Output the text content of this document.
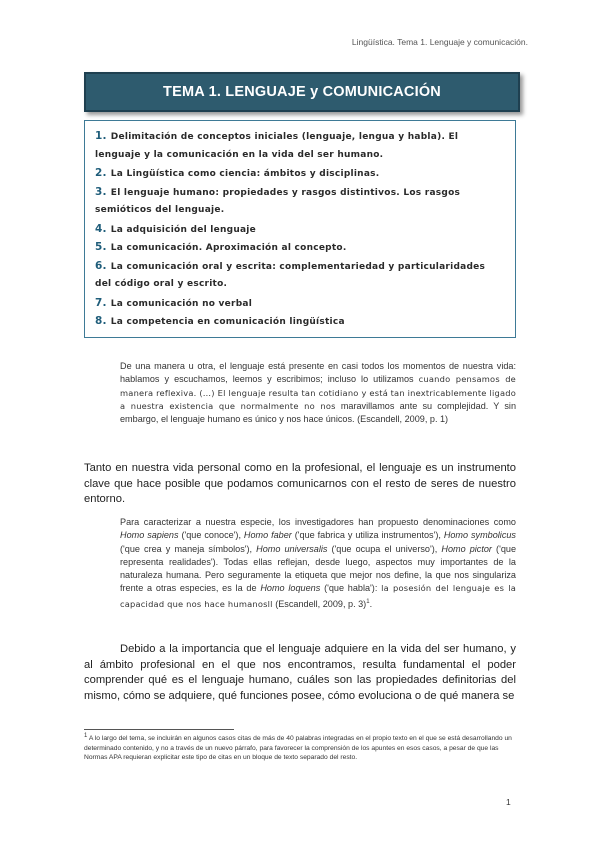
Lingüística. Tema 1. Lenguaje y comunicación.
TEMA 1. LENGUAJE y COMUNICACIÓN
1. Delimitación de conceptos iniciales (lenguaje, lengua y habla). El
lenguaje y la comunicación en la vida del ser humano.
2. La Lingüística como ciencia: ámbitos y disciplinas.
3. El lenguaje humano: propiedades y rasgos distintivos. Los rasgos
semióticos del lenguaje.
4. La adquisición del lenguaje
5. La comunicación. Aproximación al concepto.
6. La comunicación oral y escrita: complementariedad y particularidades
del código oral y escrito.
7. La comunicación no verbal
8. La competencia en comunicación lingüística
De una manera u otra, el lenguaje está presente en casi todos los momentos de nuestra vida: hablamos y escuchamos, leemos y escribimos; incluso lo utilizamos cuando pensamos de manera reflexiva. (…) El lenguaje resulta tan cotidiano y está tan inextricablemente ligado a nuestra existencia que normalmente no nos maravillamos ante su complejidad. Y sin embargo, el lenguaje humano es único y nos hace únicos. (Escandell, 2009, p. 1)
Tanto en nuestra vida personal como en la profesional, el lenguaje es un instrumento clave que hace posible que podamos comunicarnos con el resto de seres de nuestro entorno.
Para caracterizar a nuestra especie, los investigadores han propuesto denominaciones como Homo sapiens ('que conoce'), Homo faber ('que fabrica y utiliza instrumentos'), Homo symbolicus ('que crea y maneja símbolos'), Homo universalis ('que ocupa el universo'), Homo pictor ('que representa realidades'). Todas ellas reflejan, desde luego, aspectos muy importantes de la naturaleza humana. Pero seguramente la etiqueta que mejor nos define, la que nos singulariza frente a otras especies, es la de Homo loquens ('que habla'): la posesión del lenguaje es la capacidad que nos hace humanosll (Escandell, 2009, p. 3)$^1$.
Debido a la importancia que el lenguaje adquiere en la vida del ser humano, y al ámbito profesional en el que nos encontramos, resulta fundamental el poder comprender qué es el lenguaje humano, cuáles son las propiedades definitorias del mismo, cómo se adquiere, qué funciones posee, cómo evoluciona o de qué manera se
1 A lo largo del tema, se incluirán en algunos casos citas de más de 40 palabras integradas en el propio texto en el que se está desarrollando un determinado contenido, y no a través de un nuevo párrafo, para favorecer la comprensión de los apuntes en esos casos, a pesar de que las Normas APA requieran explicitar este tipo de citas en un bloque de texto separado del resto.
1
